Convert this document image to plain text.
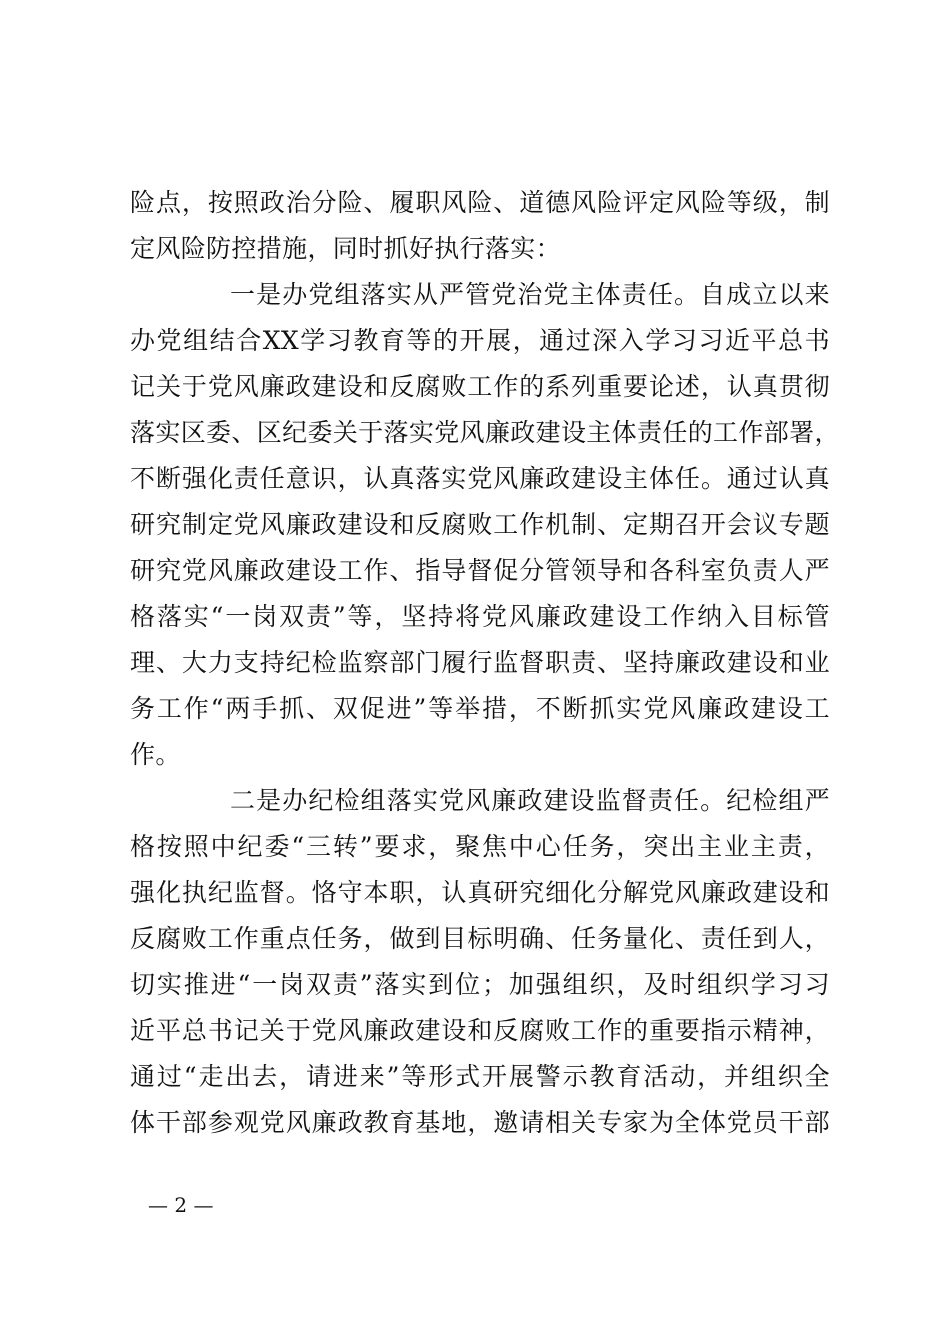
险点，按照政治分险、履职风险、道德风险评定风险等级，制
定风险防控措施，同时抓好执行落实：
一是办党组落实从严管党治党主体责任。自成立以来
办党组结合XX学习教育等的开展，通过深入学习习近平总书
记关于党风廉政建设和反腐败工作的系列重要论述，认真贯彻
落实区委、区纪委关于落实党风廉政建设主体责任的工作部署，
不断强化责任意识，认真落实党风廉政建设主体任。通过认真
研究制定党风廉政建设和反腐败工作机制、定期召开会议专题
研究党风廉政建设工作、指导督促分管领导和各科室负责人严
格落实“一岗双责”等，坚持将党风廉政建设工作纳入目标管
理、大力支持纪检监察部门履行监督职责、坚持廉政建设和业
务工作“两手抓、双促进”等举措，不断抓实党风廉政建设工
作。
二是办纪检组落实党风廉政建设监督责任。纪检组严
格按照中纪委“三转”要求，聚焦中心任务，突出主业主责，
强化执纪监督。恪守本职，认真研究细化分解党风廉政建设和
反腐败工作重点任务，做到目标明确、任务量化、责任到人，
切实推进“一岗双责”落实到位；加强组织，及时组织学习习
近平总书记关于党风廉政建设和反腐败工作的重要指示精神，
通过“走出去，请进来”等形式开展警示教育活动，并组织全
体干部参观党风廉政教育基地，邀请相关专家为全体党员干部
— 2 —
